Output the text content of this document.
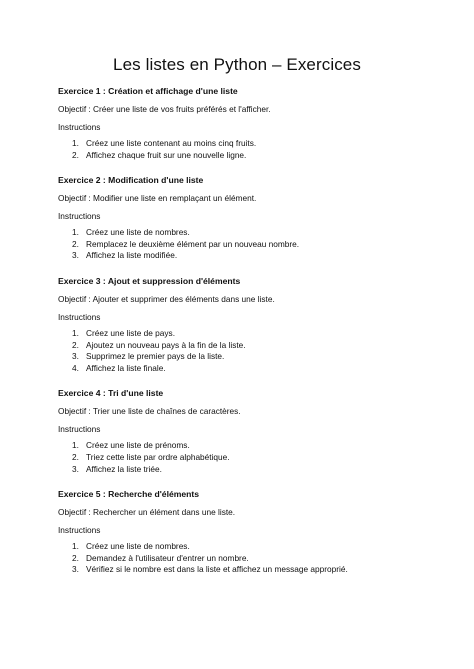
Les listes en Python – Exercices
Exercice 1 : Création et affichage d'une liste

Objectif : Créer une liste de vos fruits préférés et l'afficher.

Instructions

1. Créez une liste contenant au moins cinq fruits.
2. Affichez chaque fruit sur une nouvelle ligne.
Exercice 2 : Modification d'une liste

Objectif : Modifier une liste en remplaçant un élément.

Instructions

1. Créez une liste de nombres.
2. Remplacez le deuxième élément par un nouveau nombre.
3. Affichez la liste modifiée.
Exercice 3 : Ajout et suppression d'éléments

Objectif : Ajouter et supprimer des éléments dans une liste.

Instructions

1. Créez une liste de pays.
2. Ajoutez un nouveau pays à la fin de la liste.
3. Supprimez le premier pays de la liste.
4. Affichez la liste finale.
Exercice 4 : Tri d'une liste

Objectif : Trier une liste de chaînes de caractères.

Instructions

1. Créez une liste de prénoms.
2. Triez cette liste par ordre alphabétique.
3. Affichez la liste triée.
Exercice 5 : Recherche d'éléments

Objectif : Rechercher un élément dans une liste.

Instructions

1. Créez une liste de nombres.
2. Demandez à l'utilisateur d'entrer un nombre.
3. Vérifiez si le nombre est dans la liste et affichez un message approprié.
